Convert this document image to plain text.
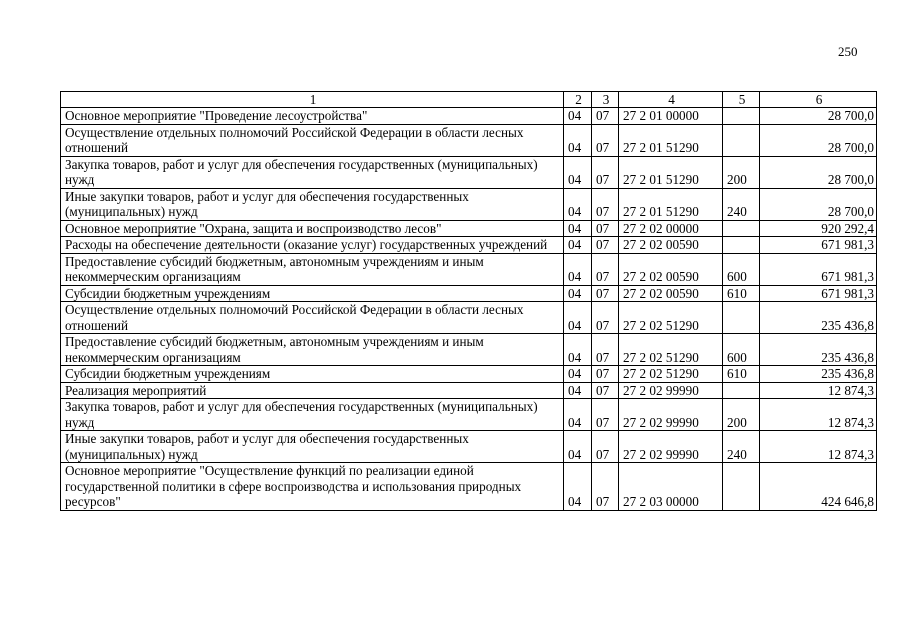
250
1	2	3	4	5	6
Основное мероприятие "Проведение лесоустройства"	04	07	27 2 01 00000		28 700,0
Осуществление отдельных полномочий Российской Федерации в области лесных отношений	04	07	27 2 01 51290		28 700,0
Закупка товаров, работ и услуг для обеспечения государственных (муниципальных) нужд	04	07	27 2 01 51290	200	28 700,0
Иные закупки товаров, работ и услуг для обеспечения государственных (муниципальных) нужд	04	07	27 2 01 51290	240	28 700,0
Основное мероприятие "Охрана, защита и воспроизводство лесов"	04	07	27 2 02 00000		920 292,4
Расходы на обеспечение деятельности (оказание услуг) государственных учреждений	04	07	27 2 02 00590		671 981,3
Предоставление субсидий бюджетным, автономным учреждениям и иным некоммерческим организациям	04	07	27 2 02 00590	600	671 981,3
Субсидии бюджетным учреждениям	04	07	27 2 02 00590	610	671 981,3
Осуществление отдельных полномочий Российской Федерации в области лесных отношений	04	07	27 2 02 51290		235 436,8
Предоставление субсидий бюджетным, автономным учреждениям и иным некоммерческим организациям	04	07	27 2 02 51290	600	235 436,8
Субсидии бюджетным учреждениям	04	07	27 2 02 51290	610	235 436,8
Реализация мероприятий	04	07	27 2 02 99990		12 874,3
Закупка товаров, работ и услуг для обеспечения государственных (муниципальных) нужд	04	07	27 2 02 99990	200	12 874,3
Иные закупки товаров, работ и услуг для обеспечения государственных (муниципальных) нужд	04	07	27 2 02 99990	240	12 874,3
Основное мероприятие "Осуществление функций по реализации единой государственной политики в сфере воспроизводства и использования природных ресурсов"	04	07	27 2 03 00000		424 646,8
